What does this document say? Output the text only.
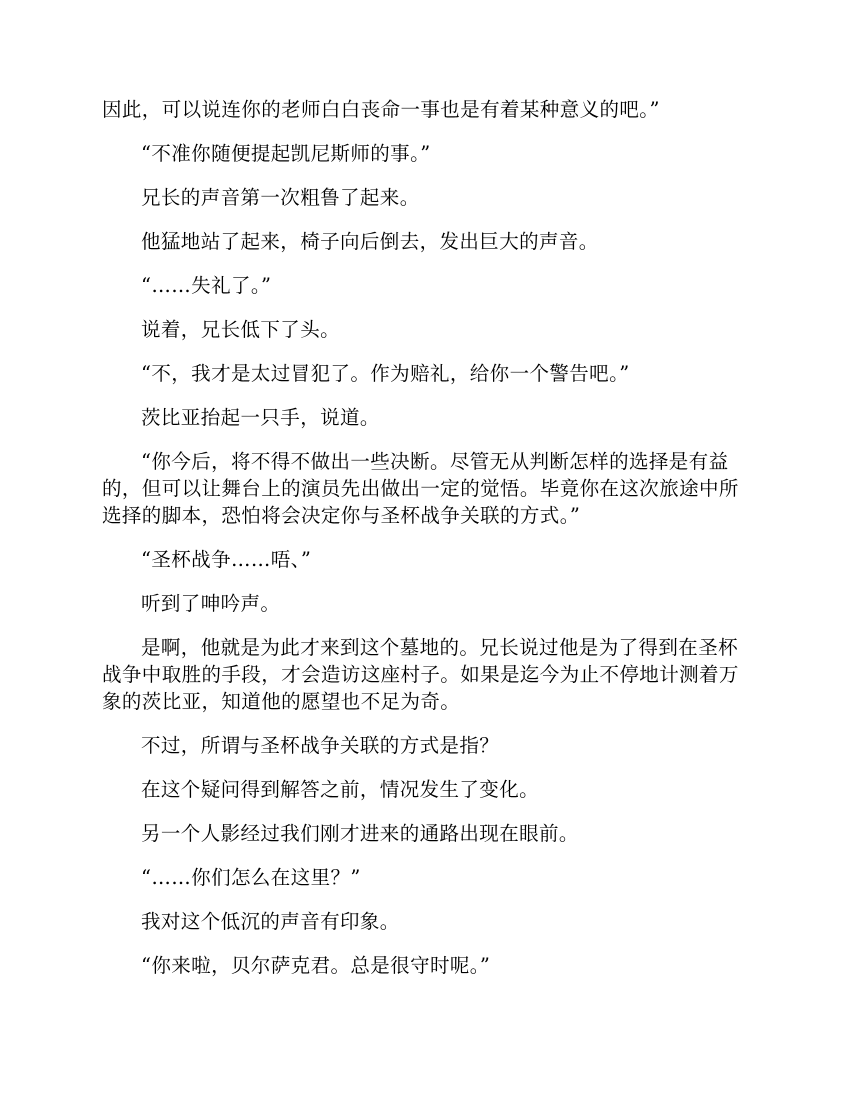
因此，可以说连你的老师白白丧命一事也是有着某种意义的吧。”

“不准你随便提起凯尼斯师的事。”

兄长的声音第一次粗鲁了起来。

他猛地站了起来，椅子向后倒去，发出巨大的声音。

“……失礼了。”

说着，兄长低下了头。

“不，我才是太过冒犯了。作为赔礼，给你一个警告吧。”

茨比亚抬起一只手，说道。

“你今后，将不得不做出一些决断。尽管无从判断怎样的选择是有益的，但可以让舞台上的演员先出做出一定的觉悟。毕竟你在这次旅途中所选择的脚本，恐怕将会决定你与圣杯战争关联的方式。”

“圣杯战争……唔、”

听到了呻吟声。

是啊，他就是为此才来到这个墓地的。兄长说过他是为了得到在圣杯战争中取胜的手段，才会造访这座村子。如果是迄今为止不停地计测着万象的茨比亚，知道他的愿望也不足为奇。

不过，所谓与圣杯战争关联的方式是指？

在这个疑问得到解答之前，情况发生了变化。

另一个人影经过我们刚才进来的通路出现在眼前。

“……你们怎么在这里？”

我对这个低沉的声音有印象。

“你来啦，贝尔萨克君。总是很守时呢。”
